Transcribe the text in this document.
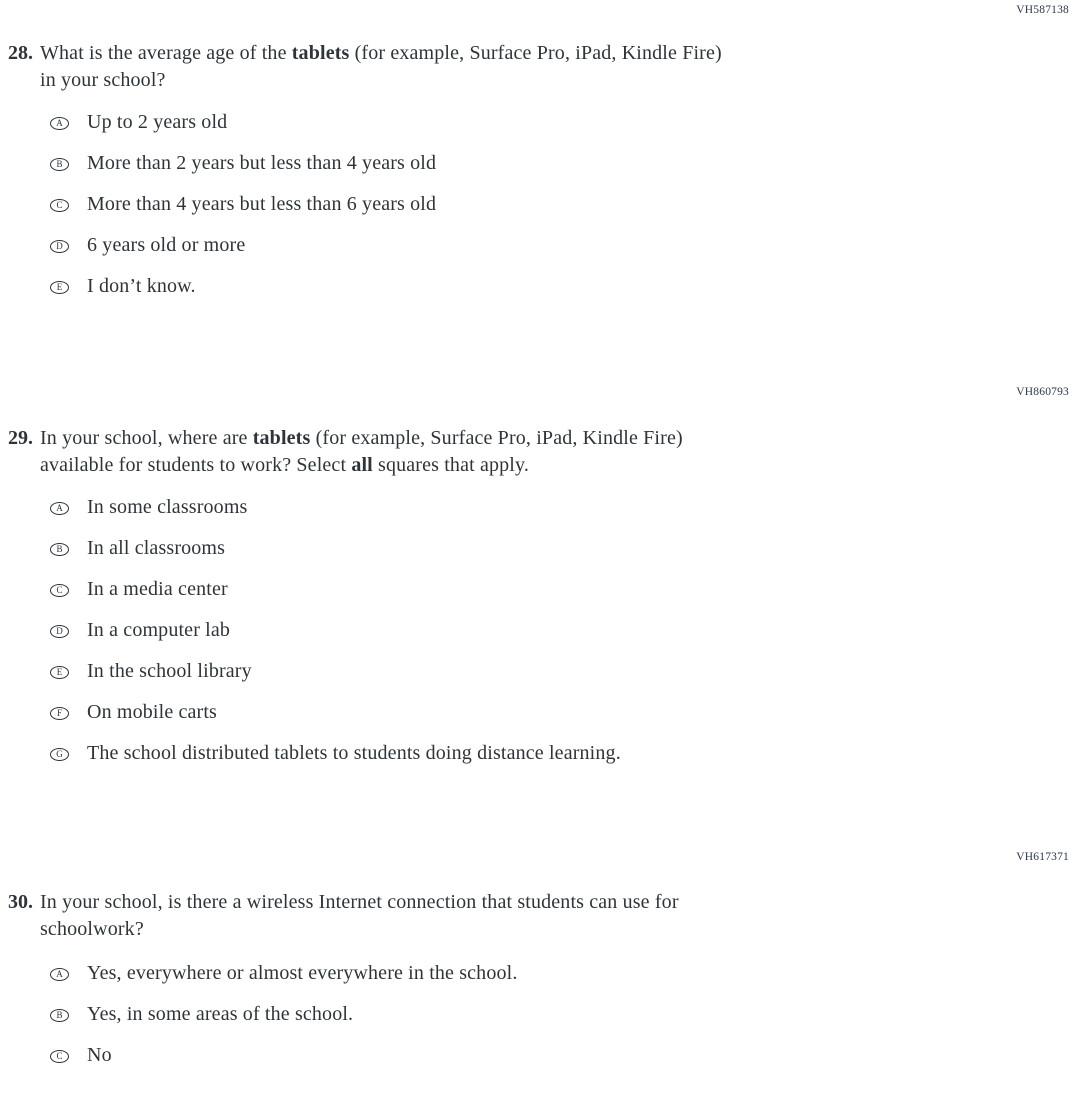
VH587138
28. What is the average age of the tablets (for example, Surface Pro, iPad, Kindle Fire)
in your school?
A	Up to 2 years old
B	More than 2 years but less than 4 years old
C	More than 4 years but less than 6 years old
D	6 years old or more
E	I don’t know.
VH860793
29. In your school, where are tablets (for example, Surface Pro, iPad, Kindle Fire)
available for students to work? Select all squares that apply.
A	In some classrooms
B	In all classrooms
C	In a media center
D	In a computer lab
E	In the school library
F	On mobile carts
G	The school distributed tablets to students doing distance learning.
VH617371
30. In your school, is there a wireless Internet connection that students can use for
schoolwork?
A	Yes, everywhere or almost everywhere in the school.
B	Yes, in some areas of the school.
C	No
